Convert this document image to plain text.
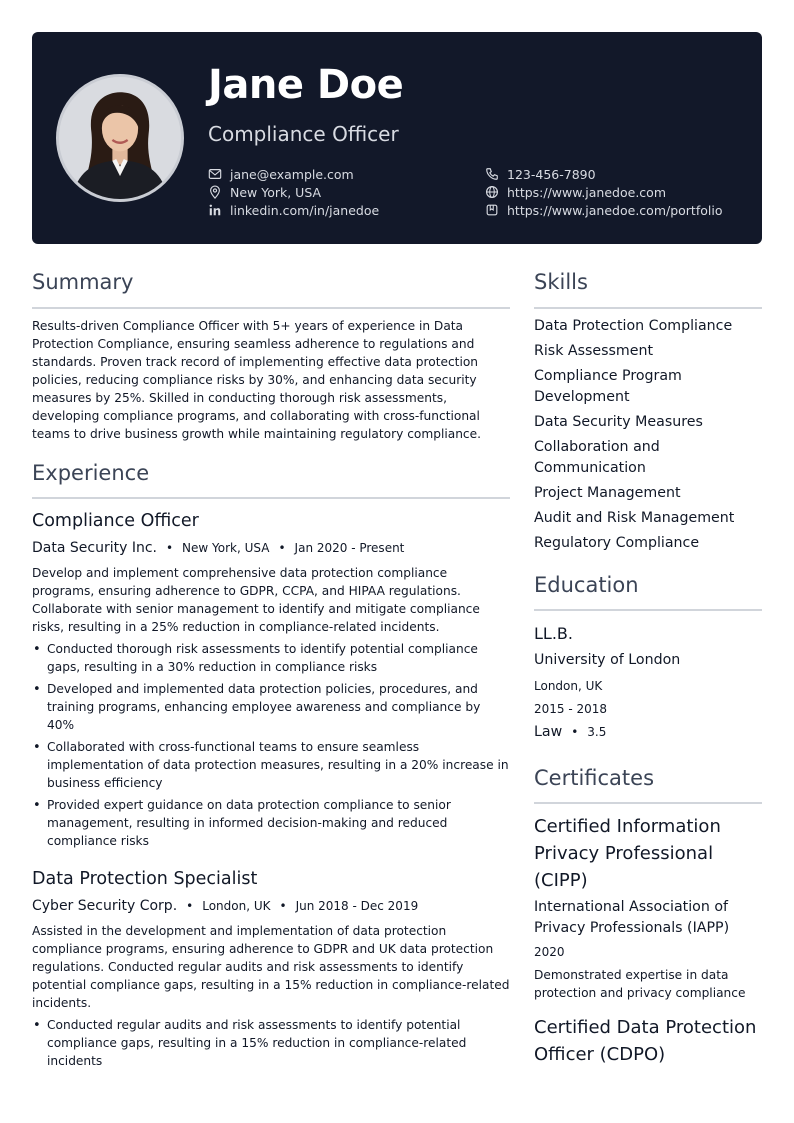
Jane Doe
Compliance Officer
jane@example.com
New York, USA
linkedin.com/in/janedoe
123-456-7890
https://www.janedoe.com
https://www.janedoe.com/portfolio
Summary
Results-driven Compliance Officer with 5+ years of experience in Data Protection Compliance, ensuring seamless adherence to regulations and standards. Proven track record of implementing effective data protection policies, reducing compliance risks by 30%, and enhancing data security measures by 25%. Skilled in conducting thorough risk assessments, developing compliance programs, and collaborating with cross-functional teams to drive business growth while maintaining regulatory compliance.
Experience
Compliance Officer
Data Security Inc. • New York, USA • Jan 2020 - Present
Develop and implement comprehensive data protection compliance programs, ensuring adherence to GDPR, CCPA, and HIPAA regulations. Collaborate with senior management to identify and mitigate compliance risks, resulting in a 25% reduction in compliance-related incidents.
• Conducted thorough risk assessments to identify potential compliance gaps, resulting in a 30% reduction in compliance risks
• Developed and implemented data protection policies, procedures, and training programs, enhancing employee awareness and compliance by 40%
• Collaborated with cross-functional teams to ensure seamless implementation of data protection measures, resulting in a 20% increase in business efficiency
• Provided expert guidance on data protection compliance to senior management, resulting in informed decision-making and reduced compliance risks
Data Protection Specialist
Cyber Security Corp. • London, UK • Jun 2018 - Dec 2019
Assisted in the development and implementation of data protection compliance programs, ensuring adherence to GDPR and UK data protection regulations. Conducted regular audits and risk assessments to identify potential compliance gaps, resulting in a 15% reduction in compliance-related incidents.
• Conducted regular audits and risk assessments to identify potential compliance gaps, resulting in a 15% reduction in compliance-related incidents
Skills
Data Protection Compliance
Risk Assessment
Compliance Program Development
Data Security Measures
Collaboration and Communication
Project Management
Audit and Risk Management
Regulatory Compliance
Education
LL.B.
University of London
London, UK
2015 - 2018
Law • 3.5
Certificates
Certified Information Privacy Professional (CIPP)
International Association of Privacy Professionals (IAPP)
2020
Demonstrated expertise in data protection and privacy compliance
Certified Data Protection Officer (CDPO)
